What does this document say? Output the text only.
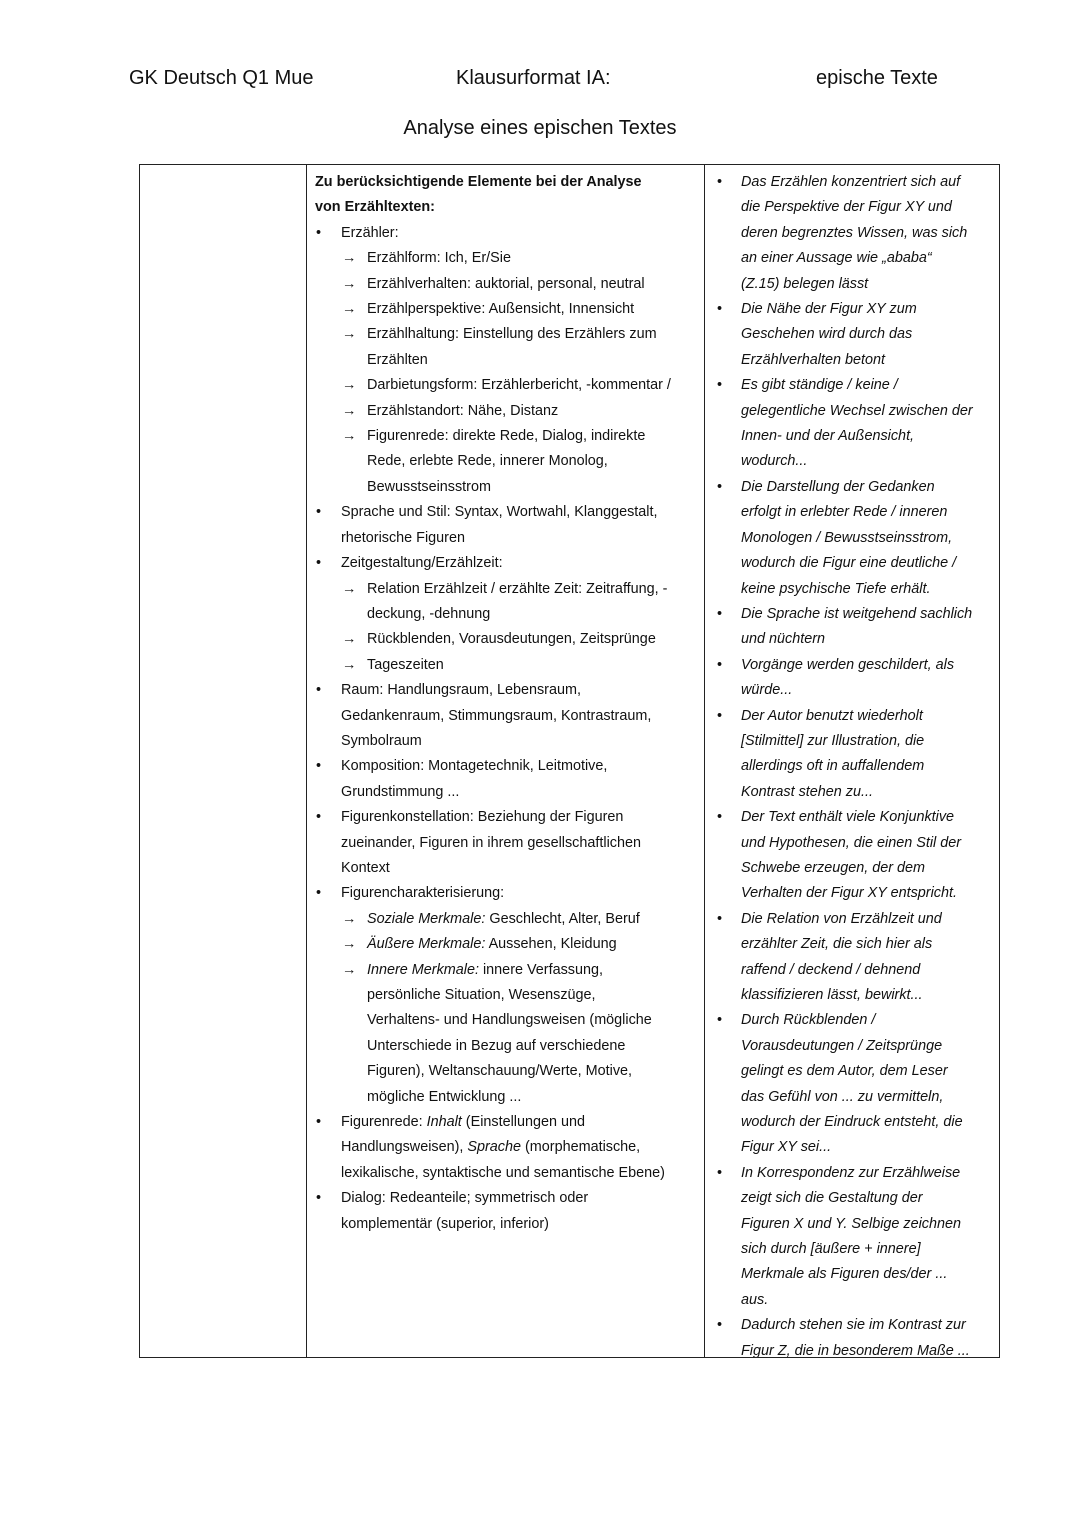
GK Deutsch Q1 Mue	Klausurformat IA:	epische Texte
Analyse eines epischen Textes
Zu berücksichtigende Elemente bei der Analyse
von Erzähltexten:
• Erzähler:
→ Erzählform: Ich, Er/Sie
→ Erzählverhalten: auktorial, personal, neutral
→ Erzählperspektive: Außensicht, Innensicht
→ Erzählhaltung: Einstellung des Erzählers zum
Erzählten
→ Darbietungsform: Erzählerbericht, -kommentar /
→ Erzählstandort: Nähe, Distanz
→ Figurenrede: direkte Rede, Dialog, indirekte
Rede, erlebte Rede, innerer Monolog,
Bewusstseinsstrom
• Sprache und Stil: Syntax, Wortwahl, Klanggestalt,
rhetorische Figuren
• Zeitgestaltung/Erzählzeit:
→ Relation Erzählzeit / erzählte Zeit: Zeitraffung, -
deckung, -dehnung
→ Rückblenden, Vorausdeutungen, Zeitsprünge
→ Tageszeiten
• Raum: Handlungsraum, Lebensraum,
Gedankenraum, Stimmungsraum, Kontrastraum,
Symbolraum
• Komposition: Montagetechnik, Leitmotive,
Grundstimmung ...
• Figurenkonstellation: Beziehung der Figuren
zueinander, Figuren in ihrem gesellschaftlichen
Kontext
• Figurencharakterisierung:
→ Soziale Merkmale: Geschlecht, Alter, Beruf
→ Äußere Merkmale: Aussehen, Kleidung
→ Innere Merkmale: innere Verfassung,
persönliche Situation, Wesenszüge,
Verhaltens- und Handlungsweisen (mögliche
Unterschiede in Bezug auf verschiedene
Figuren), Weltanschauung/Werte, Motive,
mögliche Entwicklung ...
• Figurenrede: Inhalt (Einstellungen und
Handlungsweisen), Sprache (morphematische,
lexikalische, syntaktische und semantische Ebene)
• Dialog: Redeanteile; symmetrisch oder
komplementär (superior, inferior)
• Das Erzählen konzentriert sich auf
die Perspektive der Figur XY und
deren begrenztes Wissen, was sich
an einer Aussage wie „ababa“
(Z.15) belegen lässt
• Die Nähe der Figur XY zum
Geschehen wird durch das
Erzählverhalten betont
• Es gibt ständige / keine /
gelegentliche Wechsel zwischen der
Innen- und der Außensicht,
wodurch...
• Die Darstellung der Gedanken
erfolgt in erlebter Rede / inneren
Monologen / Bewusstseinsstrom,
wodurch die Figur eine deutliche /
keine psychische Tiefe erhält.
• Die Sprache ist weitgehend sachlich
und nüchtern
• Vorgänge werden geschildert, als
würde...
• Der Autor benutzt wiederholt
[Stilmittel] zur Illustration, die
allerdings oft in auffallendem
Kontrast stehen zu...
• Der Text enthält viele Konjunktive
und Hypothesen, die einen Stil der
Schwebe erzeugen, der dem
Verhalten der Figur XY entspricht.
• Die Relation von Erzählzeit und
erzählter Zeit, die sich hier als
raffend / deckend / dehnend
klassifizieren lässt, bewirkt...
• Durch Rückblenden /
Vorausdeutungen / Zeitsprünge
gelingt es dem Autor, dem Leser
das Gefühl von ... zu vermitteln,
wodurch der Eindruck entsteht, die
Figur XY sei...
• In Korrespondenz zur Erzählweise
zeigt sich die Gestaltung der
Figuren X und Y. Selbige zeichnen
sich durch [äußere + innere]
Merkmale als Figuren des/der ...
aus.
• Dadurch stehen sie im Kontrast zur
Figur Z, die in besonderem Maße ...
